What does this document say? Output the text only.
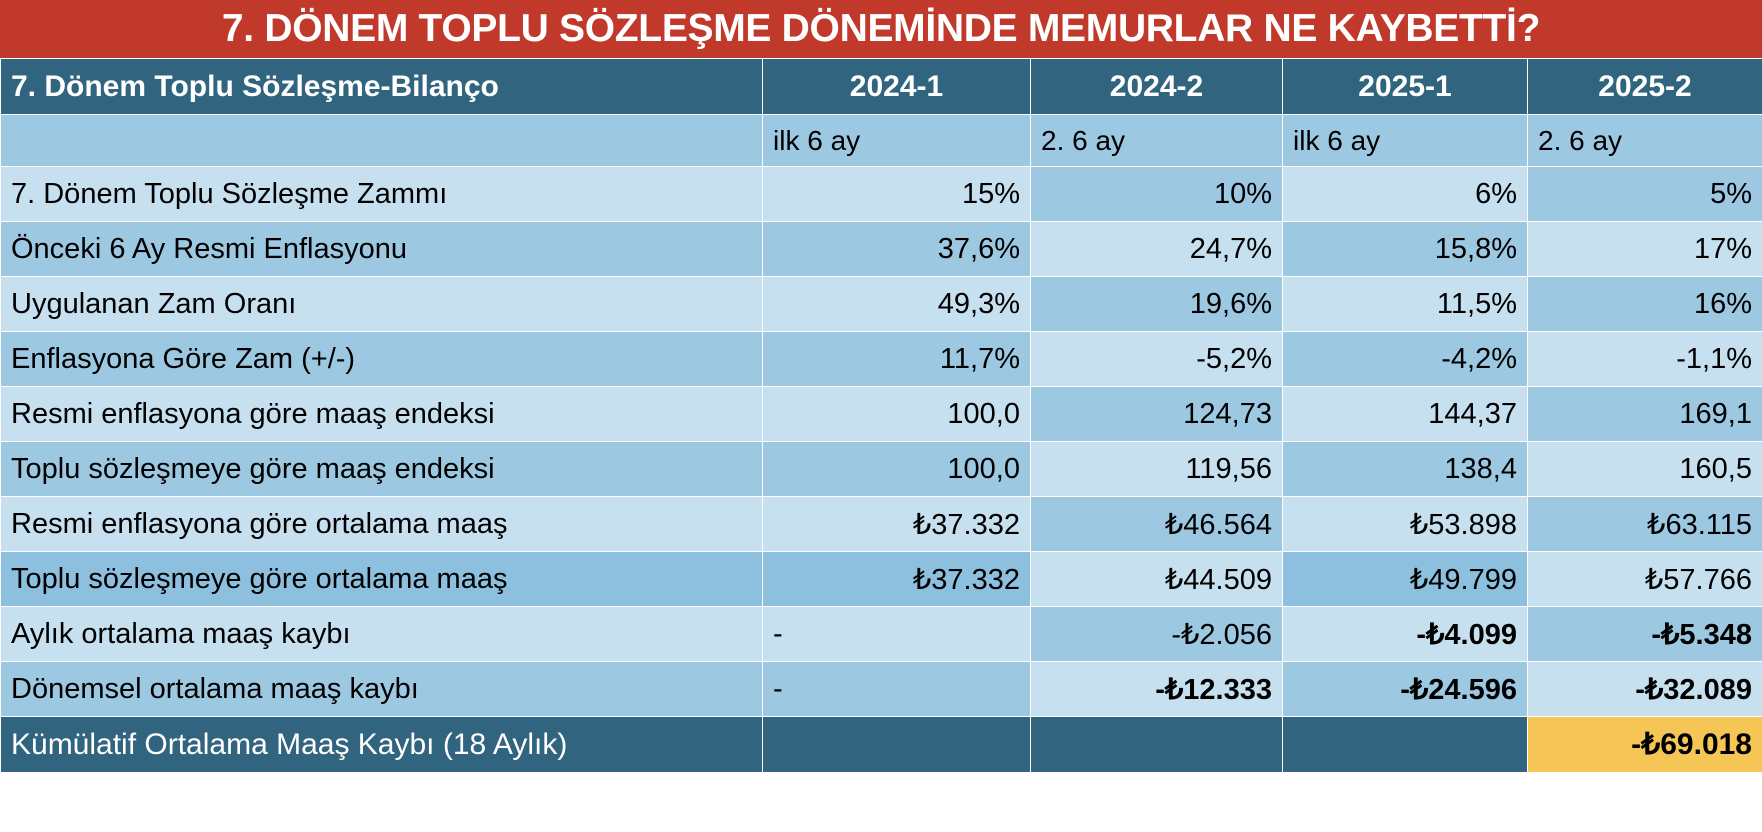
7. DÖNEM TOPLU SÖZLEŞME DÖNEMİNDE MEMURLAR NE KAYBETTİ?
7. Dönem Toplu Sözleşme-Bilanço	2024-1	2024-2	2025-1	2025-2
	ilk 6 ay	2. 6 ay	ilk 6 ay	2. 6 ay
7. Dönem Toplu Sözleşme Zammı	15%	10%	6%	5%
Önceki 6 Ay Resmi Enflasyonu	37,6%	24,7%	15,8%	17%
Uygulanan Zam Oranı	49,3%	19,6%	11,5%	16%
Enflasyona Göre Zam (+/-)	11,7%	-5,2%	-4,2%	-1,1%
Resmi enflasyona göre maaş endeksi	100,0	124,73	144,37	169,1
Toplu sözleşmeye göre maaş endeksi	100,0	119,56	138,4	160,5
Resmi enflasyona göre ortalama maaş	₺37.332	₺46.564	₺53.898	₺63.115
Toplu sözleşmeye göre ortalama maaş	₺37.332	₺44.509	₺49.799	₺57.766
Aylık ortalama maaş kaybı	-	-₺2.056	-₺4.099	-₺5.348
Dönemsel ortalama maaş kaybı	-	-₺12.333	-₺24.596	-₺32.089
Kümülatif Ortalama Maaş Kaybı (18 Aylık)				-₺69.018
